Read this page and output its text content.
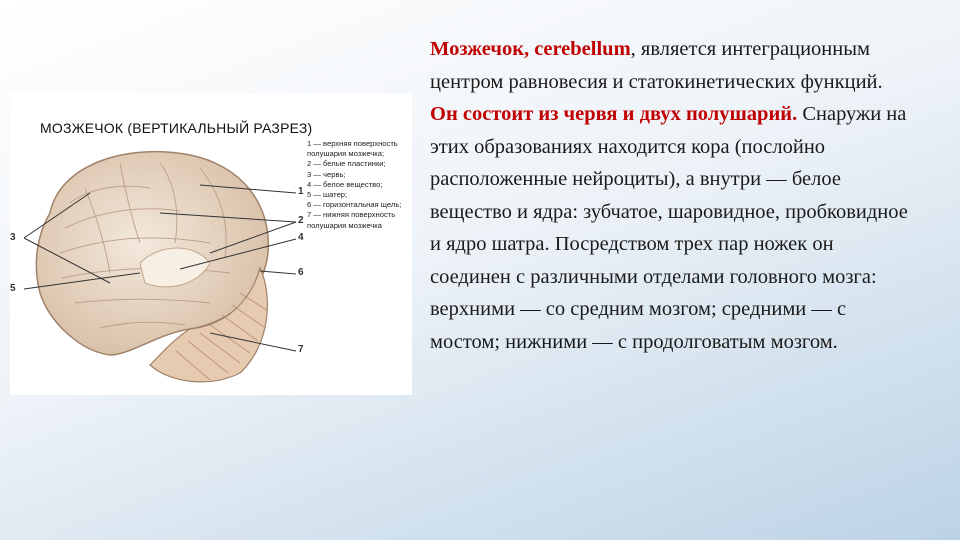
МОЗЖЕЧОК (ВЕРТИКАЛЬНЫЙ РАЗРЕЗ)
1 — верхняя поверхность полушария мозжечка;
2 — белые пластинки;
3 — червь;
4 — белое вещество;
5 — шатер;
6 — горизонтальная щель;
7 — нижняя поверхность полушария мозжечка
1
2
4
6
7
3
5
Мозжечок, cerebellum, является интеграционным центром равновесия и статокинетических функций. Он состоит из червя и двух полушарий. Снаружи на этих образованиях находится кора (послойно расположенные нейроциты), а внутри — белое вещество и ядра: зубчатое, шаровидное, пробковидное и ядро шатра. Посредством трех пар ножек он соединен с различными отделами головного мозга: верхними — со средним мозгом; средними — с мостом; нижними — с продолговатым мозгом.
